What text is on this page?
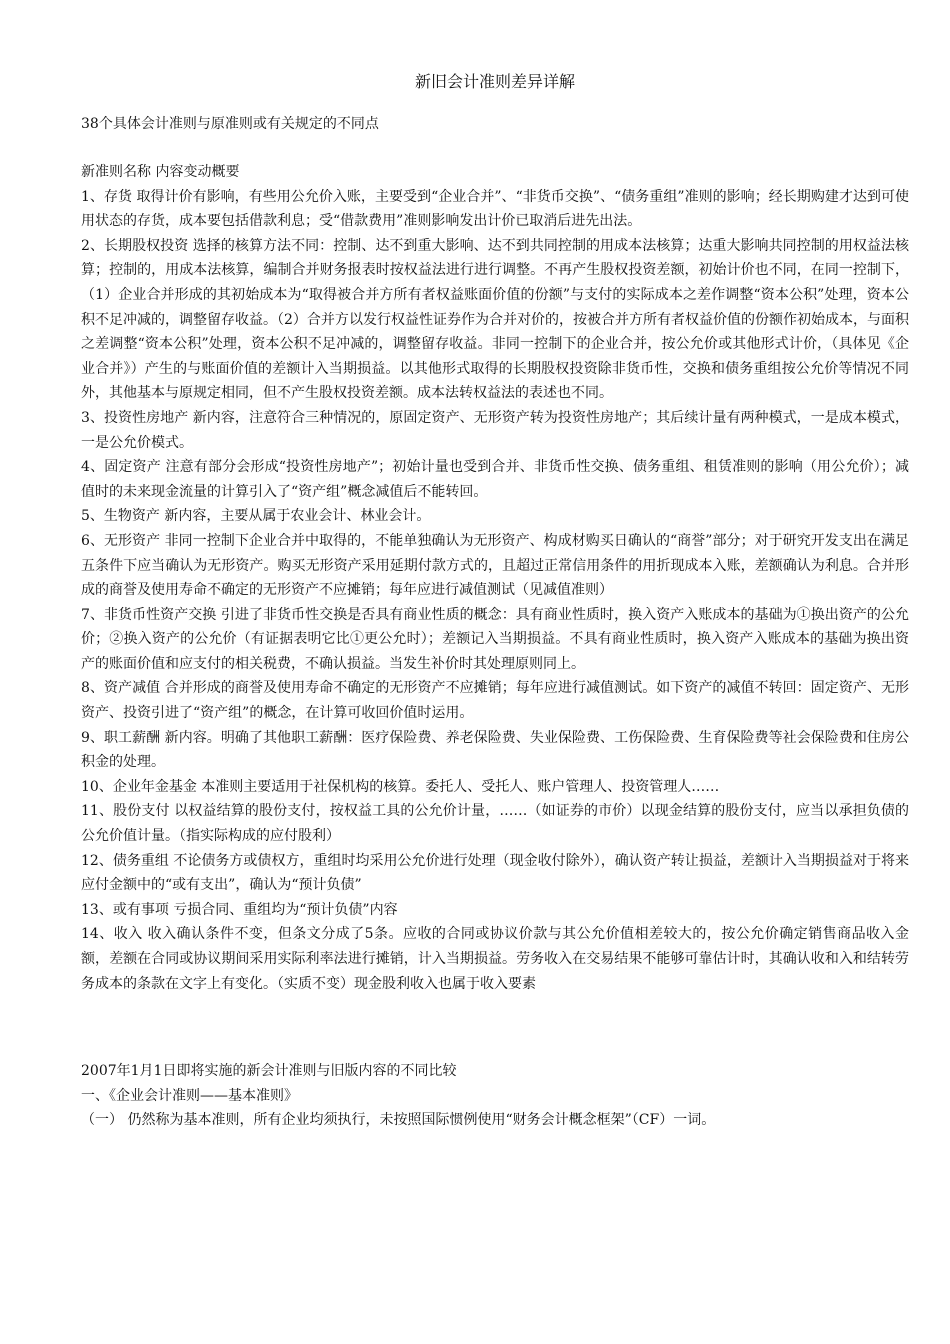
新旧会计准则差异详解
38个具体会计准则与原准则或有关规定的不同点

新准则名称 内容变动概要

1、存货 取得计价有影响，有些用公允价入账，主要受到“企业合并”、“非货币交换”、“债务重组”准则的影响；经长期购建才达到可使用状态的存货，成本要包括借款利息；受“借款费用”准则影响发出计价已取消后进先出法。

2、长期股权投资 选择的核算方法不同：控制、达不到重大影响、达不到共同控制的用成本法核算；达重大影响共同控制的用权益法核算；控制的，用成本法核算，编制合并财务报表时按权益法进行进行调整。不再产生股权投资差额，初始计价也不同，在同一控制下，（1）企业合并形成的其初始成本为“取得被合并方所有者权益账面价值的份额”与支付的实际成本之差作调整“资本公积”处理，资本公积不足冲减的，调整留存收益。（2）合并方以发行权益性证券作为合并对价的，按被合并方所有者权益价值的份额作初始成本，与面积之差调整“资本公积”处理，资本公积不足冲减的，调整留存收益。非同一控制下的企业合并，按公允价或其他形式计价，（具体见《企业合并》）产生的与账面价值的差额计入当期损益。以其他形式取得的长期股权投资除非货币性，交换和债务重组按公允价等情况不同外，其他基本与原规定相同，但不产生股权投资差额。成本法转权益法的表述也不同。

3、投资性房地产 新内容，注意符合三种情况的，原固定资产、无形资产转为投资性房地产；其后续计量有两种模式，一是成本模式，一是公允价模式。

4、固定资产 注意有部分会形成“投资性房地产”；初始计量也受到合并、非货币性交换、债务重组、租赁准则的影响（用公允价）；减值时的未来现金流量的计算引入了“资产组”概念减值后不能转回。

5、生物资产 新内容，主要从属于农业会计、林业会计。

6、无形资产 非同一控制下企业合并中取得的，不能单独确认为无形资产、构成材购买日确认的“商誉”部分；对于研究开发支出在满足五条件下应当确认为无形资产。购买无形资产采用延期付款方式的，且超过正常信用条件的用折现成本入账，差额确认为利息。合并形成的商誉及使用寿命不确定的无形资产不应摊销；每年应进行减值测试（见减值准则）

7、非货币性资产交换 引进了非货币性交换是否具有商业性质的概念：具有商业性质时，换入资产入账成本的基础为①换出资产的公允价；②换入资产的公允价（有证据表明它比①更公允时）；差额记入当期损益。不具有商业性质时，换入资产入账成本的基础为换出资产的账面价值和应支付的相关税费，不确认损益。当发生补价时其处理原则同上。

8、资产减值 合并形成的商誉及使用寿命不确定的无形资产不应摊销；每年应进行减值测试。如下资产的减值不转回：固定资产、无形资产、投资引进了“资产组”的概念，在计算可收回价值时运用。

9、职工薪酬 新内容。明确了其他职工薪酬：医疗保险费、养老保险费、失业保险费、工伤保险费、生育保险费等社会保险费和住房公积金的处理。

10、企业年金基金 本准则主要适用于社保机构的核算。委托人、受托人、账户管理人、投资管理人……

11、股份支付 以权益结算的股份支付，按权益工具的公允价计量，……（如证券的市价）以现金结算的股份支付，应当以承担负债的公允价值计量。（指实际构成的应付股利）

12、债务重组 不论债务方或债权方，重组时均采用公允价进行处理（现金收付除外），确认资产转让损益，差额计入当期损益对于将来应付金额中的“或有支出”，确认为“预计负债”

13、或有事项 亏损合同、重组均为“预计负债”内容

14、收入 收入确认条件不变，但条文分成了5条。应收的合同或协议价款与其公允价值相差较大的，按公允价确定销售商品收入金额，差额在合同或协议期间采用实际利率法进行摊销，计入当期损益。劳务收入在交易结果不能够可靠估计时，其确认收和入和结转劳务成本的条款在文字上有变化。（实质不变）现金股利收入也属于收入要素

2007年1月1日即将实施的新会计准则与旧版内容的不同比较

一、《企业会计准则——基本准则》

（一） 仍然称为基本准则，所有企业均须执行，未按照国际惯例使用“财务会计概念框架”（CF）一词。
